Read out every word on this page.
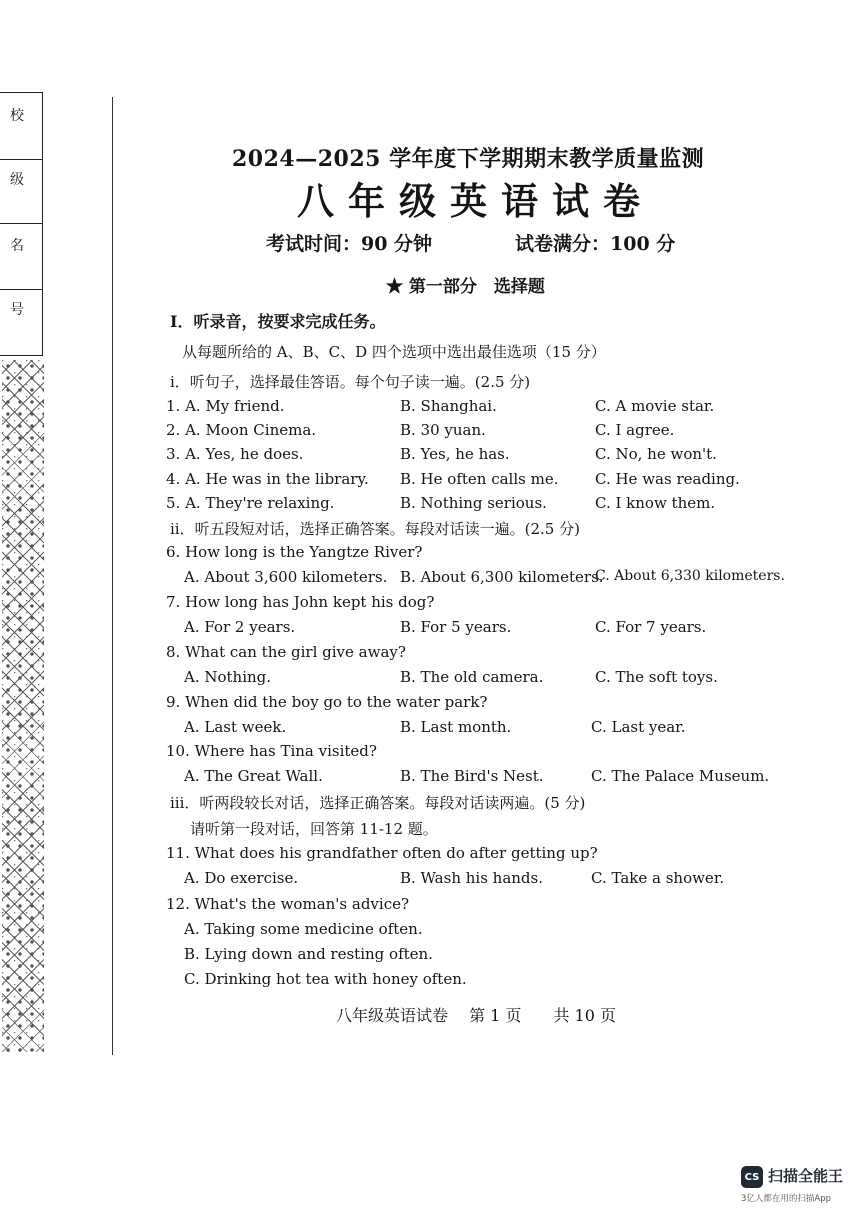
校
级
名
号
2024—2025 学年度下学期期末教学质量监测
八年级英语试卷
考试时间：90 分钟	试卷满分：100 分
★ 第一部分　选择题
I．听录音，按要求完成任务。
从每题所给的 A、B、C、D 四个选项中选出最佳选项（15 分）
i．听句子，选择最佳答语。每个句子读一遍。(2.5 分)
1. A. My friend.	B. Shanghai.	C. A movie star.
2. A. Moon Cinema.	B. 30 yuan.	C. I agree.
3. A. Yes, he does.	B. Yes, he has.	C. No, he won't.
4. A. He was in the library. B. He often calls me. C. He was reading.
5. A. They're relaxing.	B. Nothing serious.	C. I know them.
ii．听五段短对话，选择正确答案。每段对话读一遍。(2.5 分)
6. How long is the Yangtze River?
A. About 3,600 kilometers. B. About 6,300 kilometers.
C. About 6,330 kilometers.
7. How long has John kept his dog?
A. For 2 years.	B. For 5 years.	C. For 7 years.
8. What can the girl give away?
A. Nothing.	B. The old camera.	C. The soft toys.
9. When did the boy go to the water park?
A. Last week.	B. Last month.	C. Last year.
10. Where has Tina visited?
A. The Great Wall.	B. The Bird's Nest.	C. The Palace Museum.
iii．听两段较长对话，选择正确答案。每段对话读两遍。(5 分)
请听第一段对话，回答第 11-12 题。
11. What does his grandfather often do after getting up?
A. Do exercise.	B. Wash his hands.	C. Take a shower.
12. What's the woman's advice?
A. Taking some medicine often.
B. Lying down and resting often.
C. Drinking hot tea with honey often.
八年级英语试卷　 第 1 页　　共 10 页
CS 扫描全能王
3亿人都在用的扫描App
